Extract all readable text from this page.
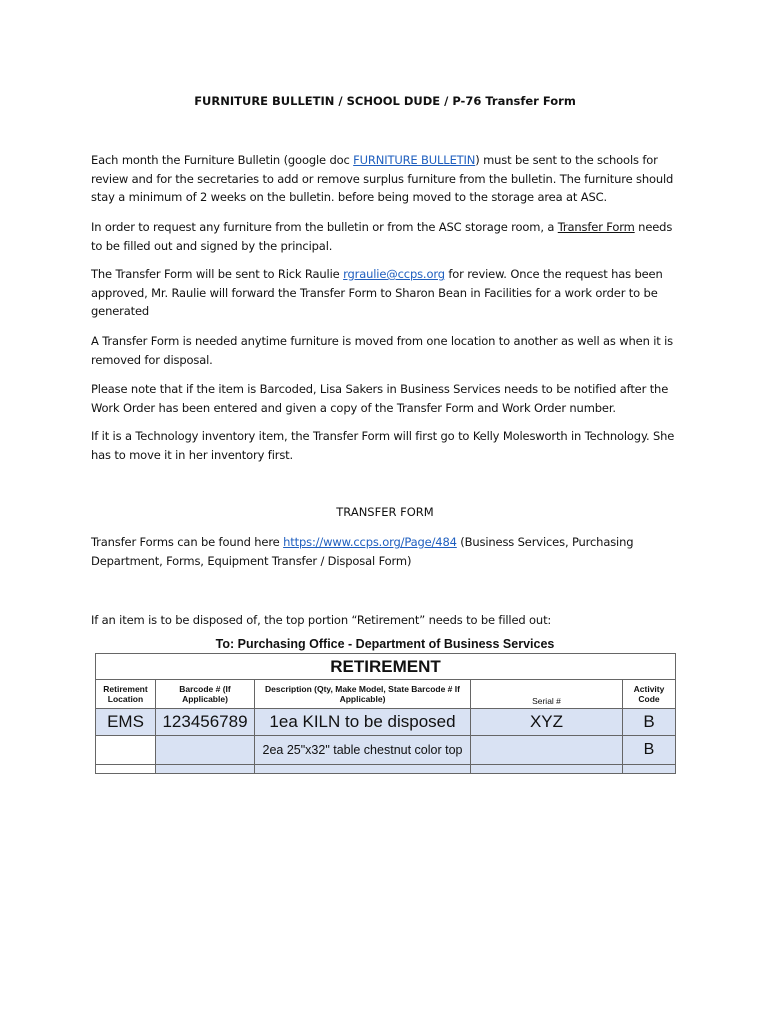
FURNITURE BULLETIN / SCHOOL DUDE / P-76 Transfer Form
Each month the Furniture Bulletin (google doc FURNITURE BULLETIN) must be sent to the schools for review and for the secretaries to add or remove surplus furniture from the bulletin. The furniture should stay a minimum of 2 weeks on the bulletin. before being moved to the storage area at ASC.
In order to request any furniture from the bulletin or from the ASC storage room, a Transfer Form needs to be filled out and signed by the principal.
The Transfer Form will be sent to Rick Raulie rgraulie@ccps.org for review. Once the request has been approved, Mr. Raulie will forward the Transfer Form to Sharon Bean in Facilities for a work order to be generated
A Transfer Form is needed anytime furniture is moved from one location to another as well as when it is removed for disposal.
Please note that if the item is Barcoded, Lisa Sakers in Business Services needs to be notified after the Work Order has been entered and given a copy of the Transfer Form and Work Order number.
If it is a Technology inventory item, the Transfer Form will first go to Kelly Molesworth in Technology. She has to move it in her inventory first.
TRANSFER FORM
Transfer Forms can be found here https://www.ccps.org/Page/484 (Business Services, Purchasing Department, Forms, Equipment Transfer / Disposal Form)
If an item is to be disposed of, the top portion “Retirement” needs to be filled out:
To: Purchasing Office - Department of Business Services
RETIREMENT				
Retirement Location	Barcode # (If Applicable)	Description (Qty, Make Model, State Barcode # If Applicable)	Serial #	Activity Code
EMS	123456789	1ea KILN to be disposed	XYZ	B
		2ea 25"x32" table chestnut color top		B
